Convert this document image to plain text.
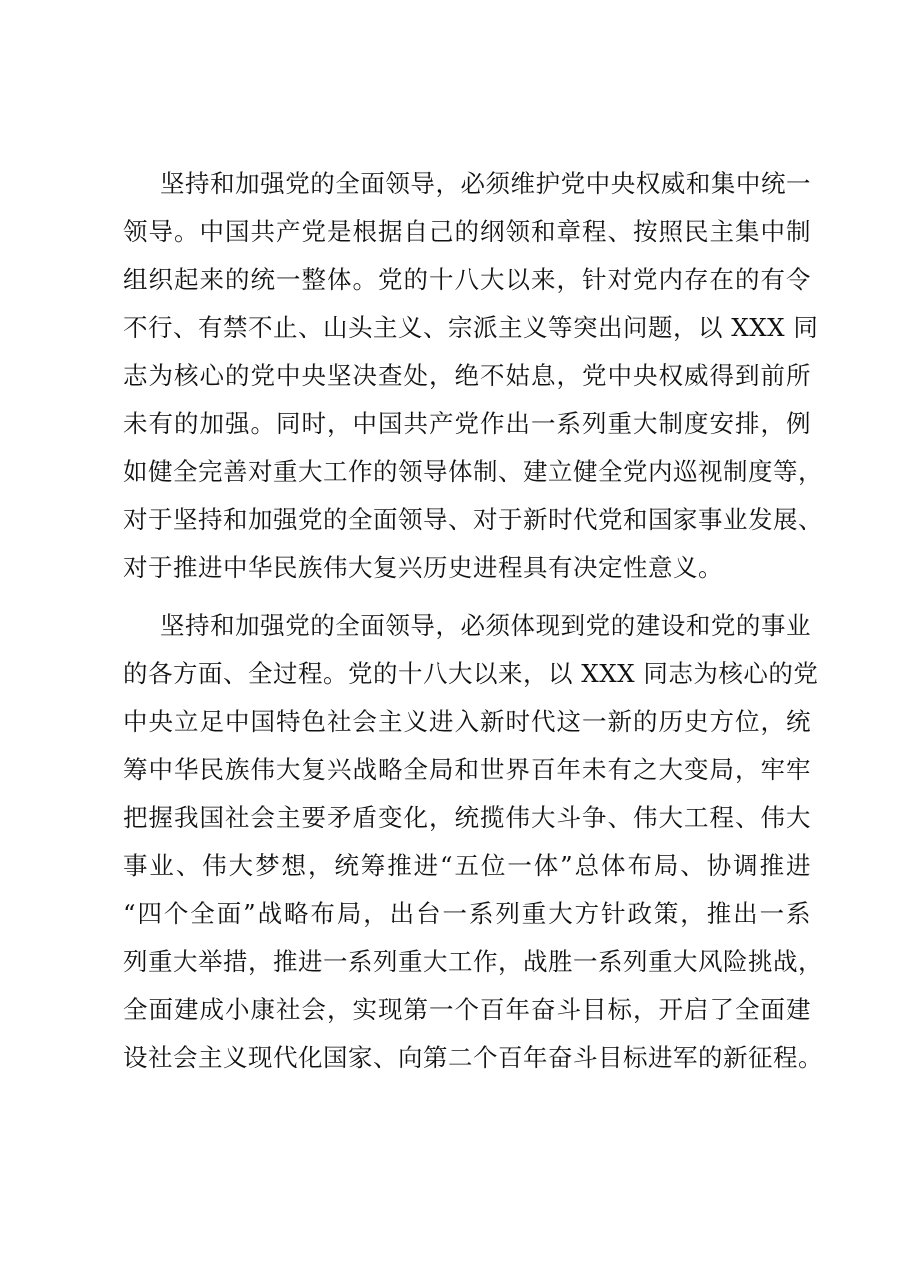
坚持和加强党的全面领导，必须维护党中央权威和集中统一
领导。中国共产党是根据自己的纲领和章程、按照民主集中制
组织起来的统一整体。党的十八大以来，针对党内存在的有令
不行、有禁不止、山头主义、宗派主义等突出问题，以 XXX 同
志为核心的党中央坚决查处，绝不姑息，党中央权威得到前所
未有的加强。同时，中国共产党作出一系列重大制度安排，例
如健全完善对重大工作的领导体制、建立健全党内巡视制度等，
对于坚持和加强党的全面领导、对于新时代党和国家事业发展、
对于推进中华民族伟大复兴历史进程具有决定性意义。

坚持和加强党的全面领导，必须体现到党的建设和党的事业
的各方面、全过程。党的十八大以来，以 XXX 同志为核心的党
中央立足中国特色社会主义进入新时代这一新的历史方位，统
筹中华民族伟大复兴战略全局和世界百年未有之大变局，牢牢
把握我国社会主要矛盾变化，统揽伟大斗争、伟大工程、伟大
事业、伟大梦想，统筹推进“五位一体”总体布局、协调推进
“四个全面”战略布局，出台一系列重大方针政策，推出一系
列重大举措，推进一系列重大工作，战胜一系列重大风险挑战，
全面建成小康社会，实现第一个百年奋斗目标，开启了全面建
设社会主义现代化国家、向第二个百年奋斗目标进军的新征程。
